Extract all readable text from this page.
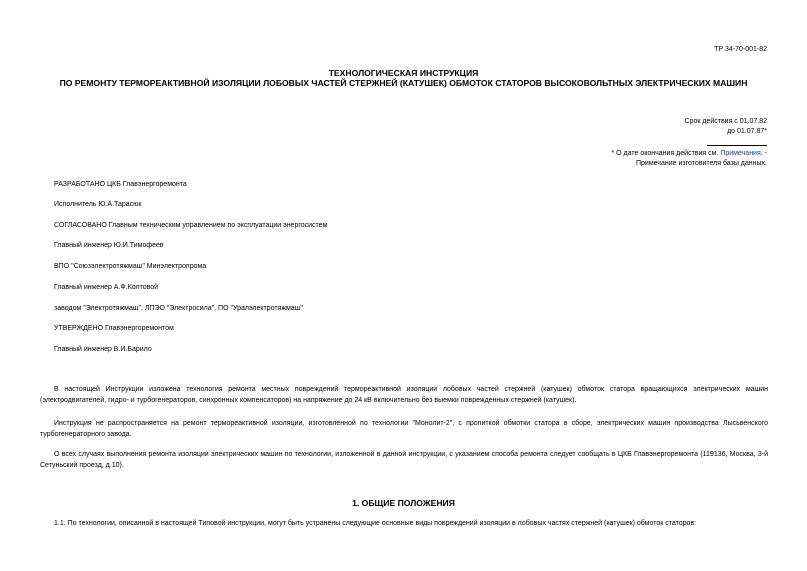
ТР 34-70-001-82
ТЕХНОЛОГИЧЕСКАЯ ИНСТРУКЦИЯ
ПО РЕМОНТУ ТЕРМОРЕАКТИВНОЙ ИЗОЛЯЦИИ ЛОБОВЫХ ЧАСТЕЙ СТЕРЖНЕЙ (КАТУШЕК) ОБМОТОК СТАТОРОВ ВЫСОКОВОЛЬТНЫХ ЭЛЕКТРИЧЕСКИХ МАШИН
Срок действия с 01.07.82
до 01.07.87*
* О дате окончания действия см. Примечания. -
Примечание изготовителя базы данных.
РАЗРАБОТАНО ЦКБ Главэнергоремонта
Исполнитель Ю.А.Тарасюк
СОГЛАСОВАНО Главным техническим управлением по эксплуатации энергосистем
Главный инженер Ю.И.Тимофеев
ВПО "Союзэлектротяжмаш" Минэлектропрома
Главный инженер А.Ф.Колтовой
заводом "Электротяжмаш", ЛПЭО "Электросила", ПО "Уралэлектротяжмаш"
УТВЕРЖДЕНО Главэнергоремонтом
Главный инженер В.И.Барило
В настоящей Инструкции изложена технология ремонта местных повреждений термореактивной изоляции лобовых частей стержней (катушек) обмоток статора вращающихся электрических машин (электродвигателей, гидро- и турбогенераторов, синхронных компенсаторов) на напряжение до 24 кВ включительно без выемки поврежденных стержней (катушек).
Инструкция не распространяется на ремонт термореактивной изоляции, изготовленной по технологии "Монолит-2", с пропиткой обмотки статора в сборе, электрических машин производства Лысьвенского турбогенераторного завода.
О всех случаях выполнения ремонта изоляции электрических машин по технологии, изложенной в данной инструкции, с указанием способа ремонта следует сообщать в ЦКБ Главэнергоремонта (119136, Москва, 3-й Сетуньский проезд, д.10).
1. ОБЩИЕ ПОЛОЖЕНИЯ
1.1. По технологии, описанной в настоящей Типовой инструкции, могут быть устранены следующие основные виды повреждений изоляции в лобовых частях стержней (катушек) обмоток статоров:
